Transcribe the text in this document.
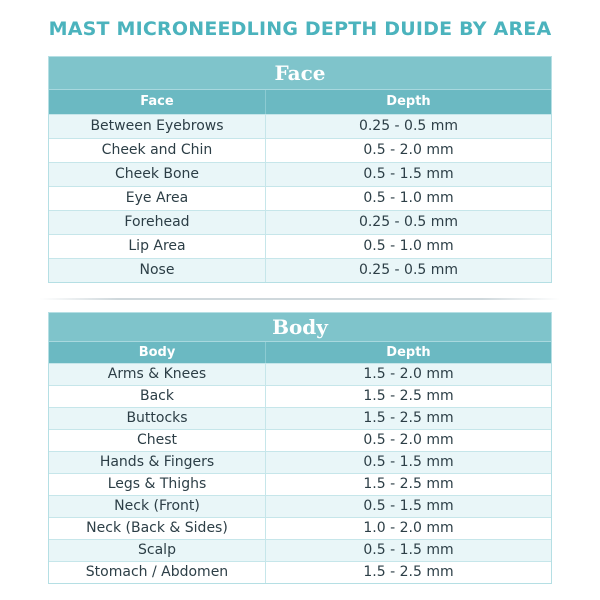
MAST MICRONEEDLING DEPTH DUIDE BY AREA
Face
Face	Depth
Between Eyebrows	0.25 - 0.5 mm
Cheek and Chin	0.5 - 2.0 mm
Cheek Bone	0.5 - 1.5 mm
Eye Area	0.5 - 1.0 mm
Forehead	0.25 - 0.5 mm
Lip Area	0.5 - 1.0 mm
Nose	0.25 - 0.5 mm
Body
Body	Depth
Arms & Knees	1.5 - 2.0 mm
Back	1.5 - 2.5 mm
Buttocks	1.5 - 2.5 mm
Chest	0.5 - 2.0 mm
Hands & Fingers	0.5 - 1.5 mm
Legs & Thighs	1.5 - 2.5 mm
Neck (Front)	0.5 - 1.5 mm
Neck (Back & Sides)	1.0 - 2.0 mm
Scalp	0.5 - 1.5 mm
Stomach / Abdomen	1.5 - 2.5 mm
